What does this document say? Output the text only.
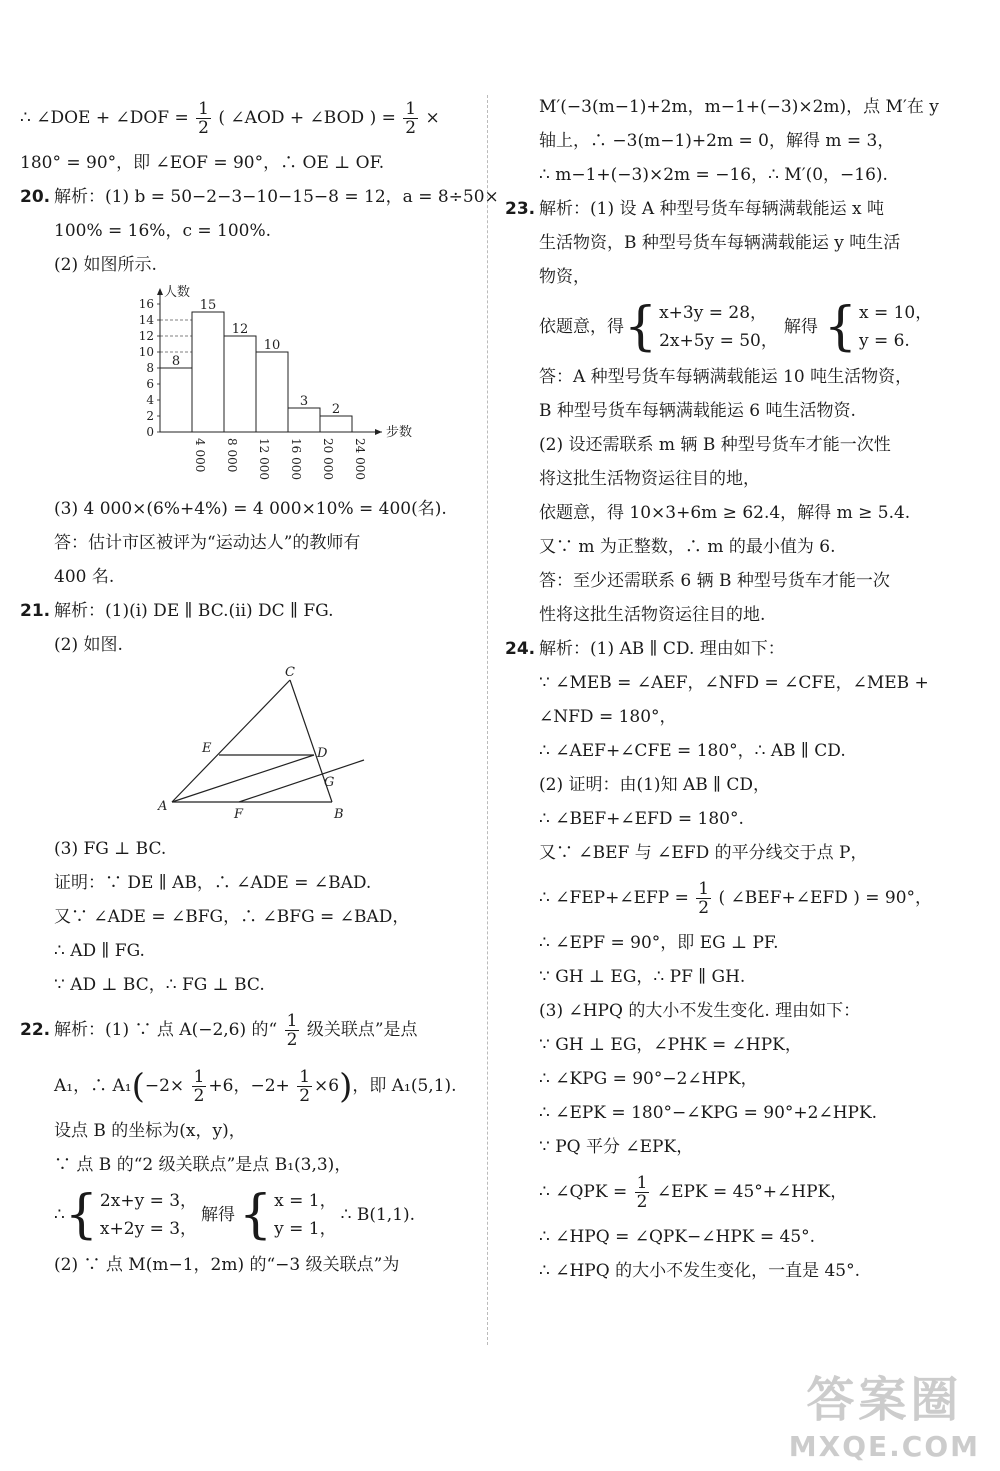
∴ ∠DOE + ∠DOF = $\frac{1}{2}$ ( ∠AOD + ∠BOD ) = $\frac{1}{2}$ ×
180° = 90°，即 ∠EOF = 90°，∴ OE ⊥ OF.
20. 解析：(1) b = 50−2−3−10−15−8 = 12，a = 8÷50×
100% = 16%，c = 100%.
(2) 如图所示.
8
15
12
10
3
2
0
2
4
6
8
10
12
14
16
4 000 8 000 12 000 16 000 20 000 24 000
人数
步数
(3) 4 000×(6%+4%) = 4 000×10% = 400(名).
答：估计市区被评为“运动达人”的教师有
400 名.
21. 解析：(1)(i) DE ∥ BC.(ii) DC ∥ FG.
(2) 如图.
C
E	D
G
A
F	B
(3) FG ⊥ BC.
证明：∵ DE ∥ AB，∴ ∠ADE = ∠BAD.
又∵ ∠ADE = ∠BFG，∴ ∠BFG = ∠BAD，
∴ AD ∥ FG.
∵ AD ⊥ BC，∴ FG ⊥ BC.
22. 解析：(1) ∵ 点 A(−2,6) 的“ $\frac{1}{2}$ 级关联点”是点
A₁，∴ $A_1(-2\times \frac{1}{2} +6$，$-2+ \frac{1}{2} \times 6$)，即 A₁(5,1).
设点 B 的坐标为(x，y)，
∵ 点 B 的“2 级关联点”是点 B₁(3,3)，
∴ { 2x+y = 3，
x+2y = 3，
解得 { x = 1，
y = 1，
∴ B(1,1).
(2) ∵ 点 M(m−1，2m) 的“−3 级关联点”为
M′(−3(m−1)+2m，m−1+(−3)×2m)，点 M′在 y
轴上，∴ −3(m−1)+2m = 0，解得 m = 3，
∴ m−1+(−3)×2m = −16，∴ M′(0，−16).
23. 解析：(1) 设 A 种型号货车每辆满载能运 x 吨
生活物资，B 种型号货车每辆满载能运 y 吨生活
物资，
依题意，得 { x+3y = 28，
2x+5y = 50，
解得 { x = 10，
y = 6.
答：A 种型号货车每辆满载能运 10 吨生活物资，
B 种型号货车每辆满载能运 6 吨生活物资.
(2) 设还需联系 m 辆 B 种型号货车才能一次性
将这批生活物资运往目的地，
依题意，得 10×3+6m ≥ 62.4，解得 m ≥ 5.4.
又∵ m 为正整数，∴ m 的最小值为 6.
答：至少还需联系 6 辆 B 种型号货车才能一次
性将这批生活物资运往目的地.
24. 解析：(1) AB ∥ CD. 理由如下：
∵ ∠MEB = ∠AEF，∠NFD = ∠CFE，∠MEB +
∠NFD = 180°，
∴ ∠AEF+∠CFE = 180°，∴ AB ∥ CD.
(2) 证明：由(1)知 AB ∥ CD，
∴ ∠BEF+∠EFD = 180°.
又∵ ∠BEF 与 ∠EFD 的平分线交于点 P，
∴ ∠FEP+∠EFP = $\frac{1}{2}$ ( ∠BEF+∠EFD ) = 90°，
∴ ∠EPF = 90°，即 EG ⊥ PF.
∵ GH ⊥ EG，∴ PF ∥ GH.
(3) ∠HPQ 的大小不发生变化. 理由如下：
∵ GH ⊥ EG，∠PHK = ∠HPK，
∴ ∠KPG = 90°−2∠HPK，
∴ ∠EPK = 180°−∠KPG = 90°+2∠HPK.
∵ PQ 平分 ∠EPK，
∴ ∠QPK = $\frac{1}{2}$ ∠EPK = 45°+∠HPK，
∴ ∠HPQ = ∠QPK−∠HPK = 45°.
∴ ∠HPQ 的大小不发生变化，一直是 45°.
答案圈
MXQE.COM
